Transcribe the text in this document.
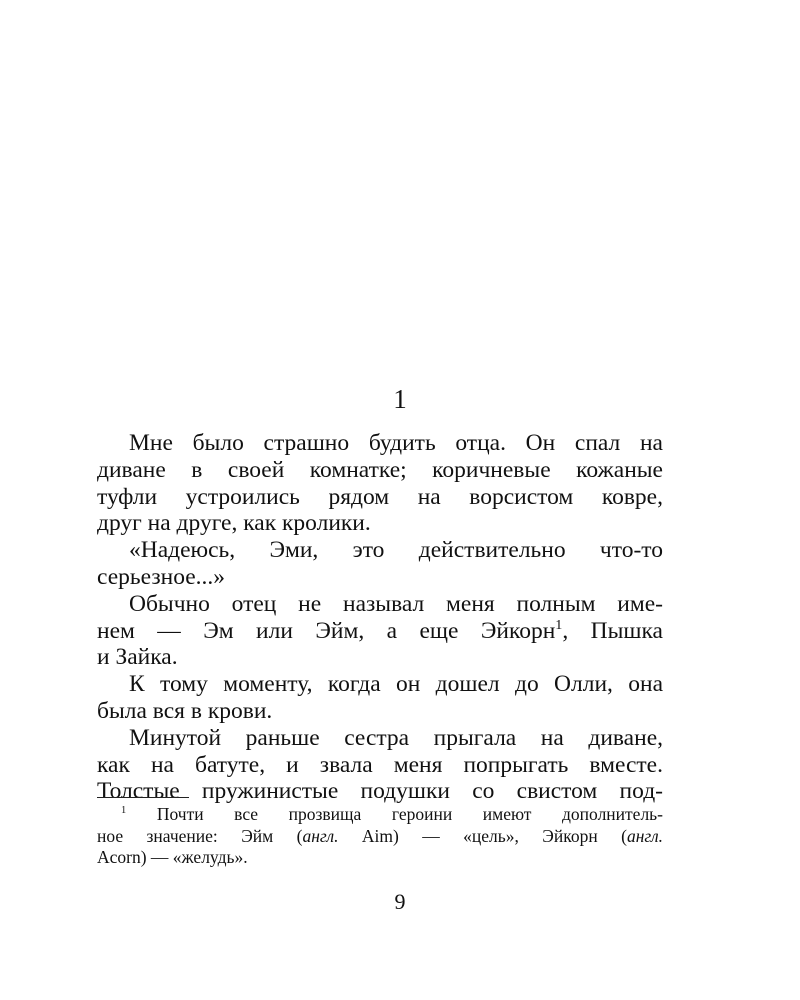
1
Мне было страшно будить отца. Он спал на
диване в своей комнатке; коричневые кожаные
туфли устроились рядом на ворсистом ковре,
друг на друге, как кролики.
«Надеюсь, Эми, это действительно что-то
серьезное...»
Обычно отец не называл меня полным име-
нем — Эм или Эйм, а еще Эйкорн$^1$, Пышка
и Зайка.
К тому моменту, когда он дошел до Олли, она
была вся в крови.
Минутой раньше сестра прыгала на диване,
как на батуте, и звала меня попрыгать вместе.
Толстые пружинистые подушки со свистом под-
$^1$ Почти все прозвища героини имеют дополнитель-
ное значение: Эйм (англ. Aim) — «цель», Эйкорн (англ.
Acorn) — «желудь».
9
